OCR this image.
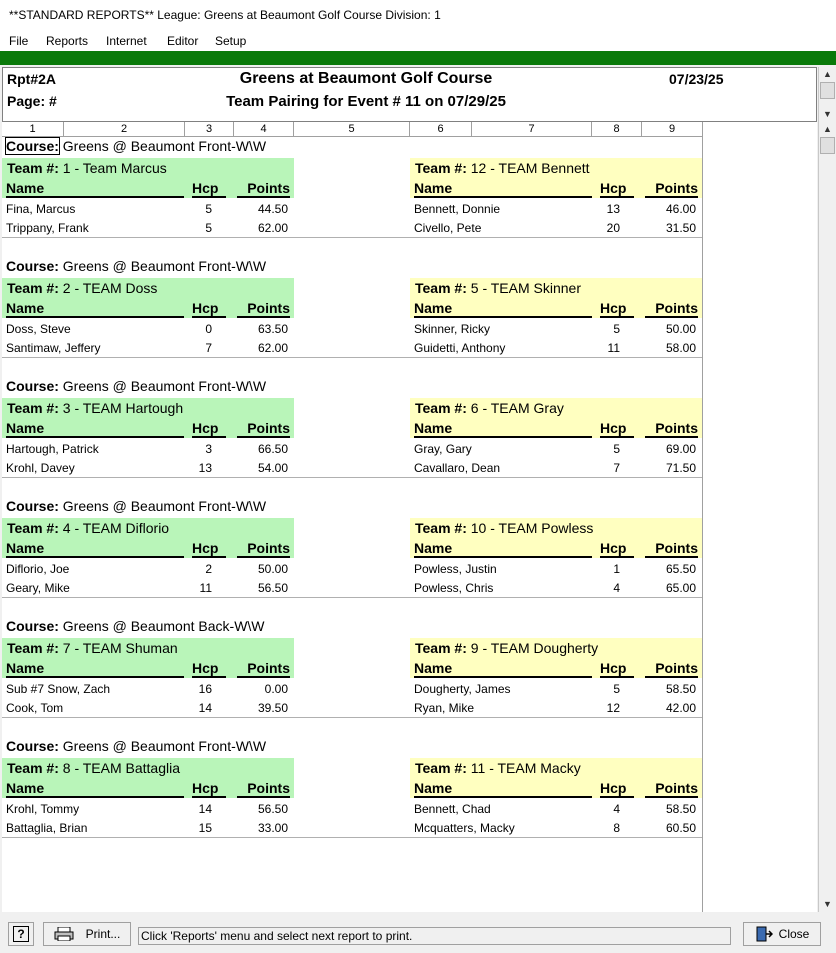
**STANDARD REPORTS** League: Greens at Beaumont Golf Course Division: 1
File Reports Internet Editor Setup
Rpt#2A
Page: #
Greens at Beaumont Golf Course
Team Pairing for Event # 11 on 07/29/25
07/23/25	▲
▼
1	2	3	4	5	6	7	8	9
Course: Greens @ Beaumont Front-W\W
Team #: 1 - Team Marcus
Name	Hcp	Points
Fina, Marcus	5	44.50
Trippany, Frank	5	62.00
Team #: 12 - TEAM Bennett
Name	Hcp	Points
Bennett, Donnie	13	46.00
Civello, Pete	20	31.50
Course: Greens @ Beaumont Front-W\W
Team #: 2 - TEAM Doss
Name	Hcp	Points
Doss, Steve	0	63.50
Santimaw, Jeffery	7	62.00
Team #: 5 - TEAM Skinner
Name	Hcp	Points
Skinner, Ricky	5	50.00
Guidetti, Anthony	11	58.00
Course: Greens @ Beaumont Front-W\W
Team #: 3 - TEAM Hartough
Name	Hcp	Points
Hartough, Patrick	3	66.50
Krohl, Davey	13	54.00
Team #: 6 - TEAM Gray
Name	Hcp	Points
Gray, Gary	5	69.00
Cavallaro, Dean	7	71.50
Course: Greens @ Beaumont Front-W\W
Team #: 4 - TEAM Diflorio
Name	Hcp	Points
Diflorio, Joe	2	50.00
Geary, Mike	11	56.50
Team #: 10 - TEAM Powless
Name	Hcp	Points
Powless, Justin	1	65.50
Powless, Chris	4	65.00
Course: Greens @ Beaumont Back-W\W
Team #: 7 - TEAM Shuman
Name	Hcp	Points
Sub #7 Snow, Zach	16	0.00
Cook, Tom	14	39.50
Team #: 9 - TEAM Dougherty
Name	Hcp	Points
Dougherty, James	5	58.50
Ryan, Mike	12	42.00
Course: Greens @ Beaumont Front-W\W
Team #: 8 - TEAM Battaglia
Name	Hcp	Points
Krohl, Tommy	14	56.50
Battaglia, Brian	15	33.00
Team #: 11 - TEAM Macky
Name	Hcp	Points
Bennett, Chad	4	58.50
Mcquatters, Macky	8	60.50
▲
▼
?	Print... Click 'Reports' menu and select next report to print.	Close
